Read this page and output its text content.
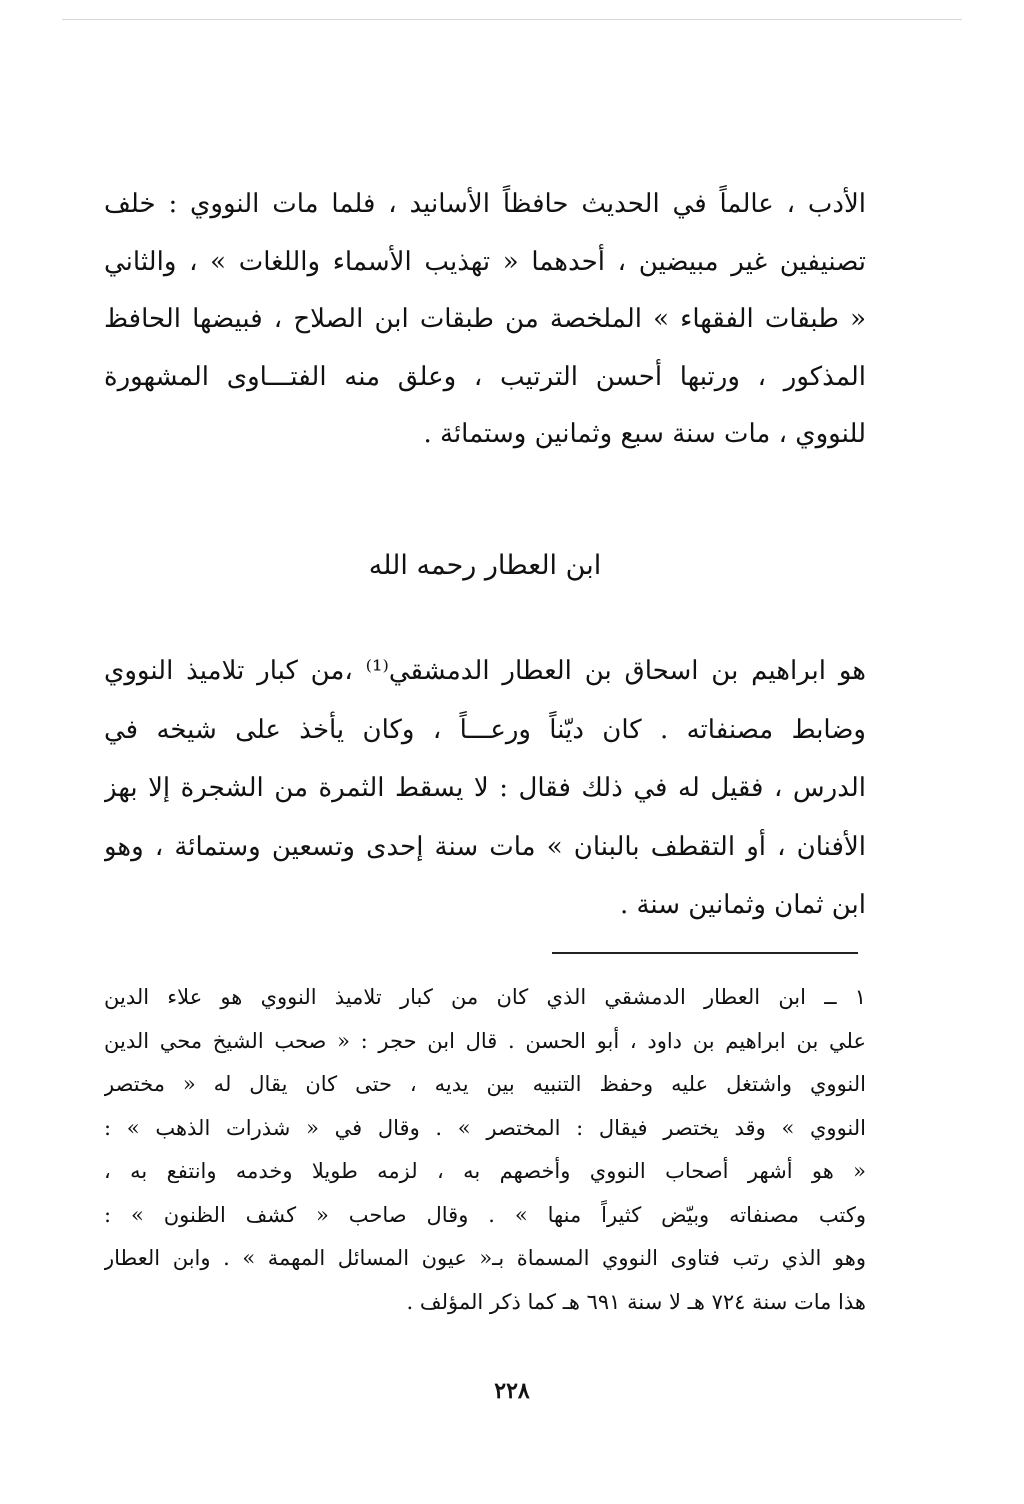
الأدب ، عالماً في الحديث حافظاً الأسانيد ، فلما مات النووي : خلف
تصنيفين غير مبيضين ، أحدهما « تهذيب الأسماء واللغات » ، والثاني
« طبقات الفقهاء » الملخصة من طبقات ابن الصلاح ، فبيضها الحافظ
المذكور ، ورتبها أحسن الترتيب ، وعلق منه الفتـــاوى المشهورة
للنووي ، مات سنة سبع وثمانين وستمائة .
ابن العطار رحمه الله
هو ابراهيم بن اسحاق بن العطار الدمشقي⁽¹⁾ ،من كبار تلاميذ النووي
وضابط مصنفاته . كان ديّناً ورعـــاً ، وكان يأخذ على شيخه في
الدرس ، فقيل له في ذلك فقال : لا يسقط الثمرة من الشجرة إلا بهز
الأفنان ، أو التقطف بالبنان » مات سنة إحدى وتسعين وستمائة ، وهو
ابن ثمان وثمانين سنة .
١ ــ ابن العطار الدمشقي الذي كان من كبار تلاميذ النووي هو علاء الدين
علي بن ابراهيم بن داود ، أبو الحسن . قال ابن حجر : « صحب الشيخ محي الدين
النووي واشتغل عليه وحفظ التنبيه بين يديه ، حتى كان يقال له « مختصر
النووي » وقد يختصر فيقال : المختصر » . وقال في « شذرات الذهب » :
« هو أشهر أصحاب النووي وأخصهم به ، لزمه طويلا وخدمه وانتفع به ،
وكتب مصنفاته وبيّض كثيراً منها » . وقال صاحب « كشف الظنون » :
وهو الذي رتب فتاوى النووي المسماة بـ« عيون المسائل المهمة » . وابن العطار
هذا مات سنة ٧٢٤ هـ لا سنة ٦٩١ هـ كما ذكر المؤلف .
٢٢٨
